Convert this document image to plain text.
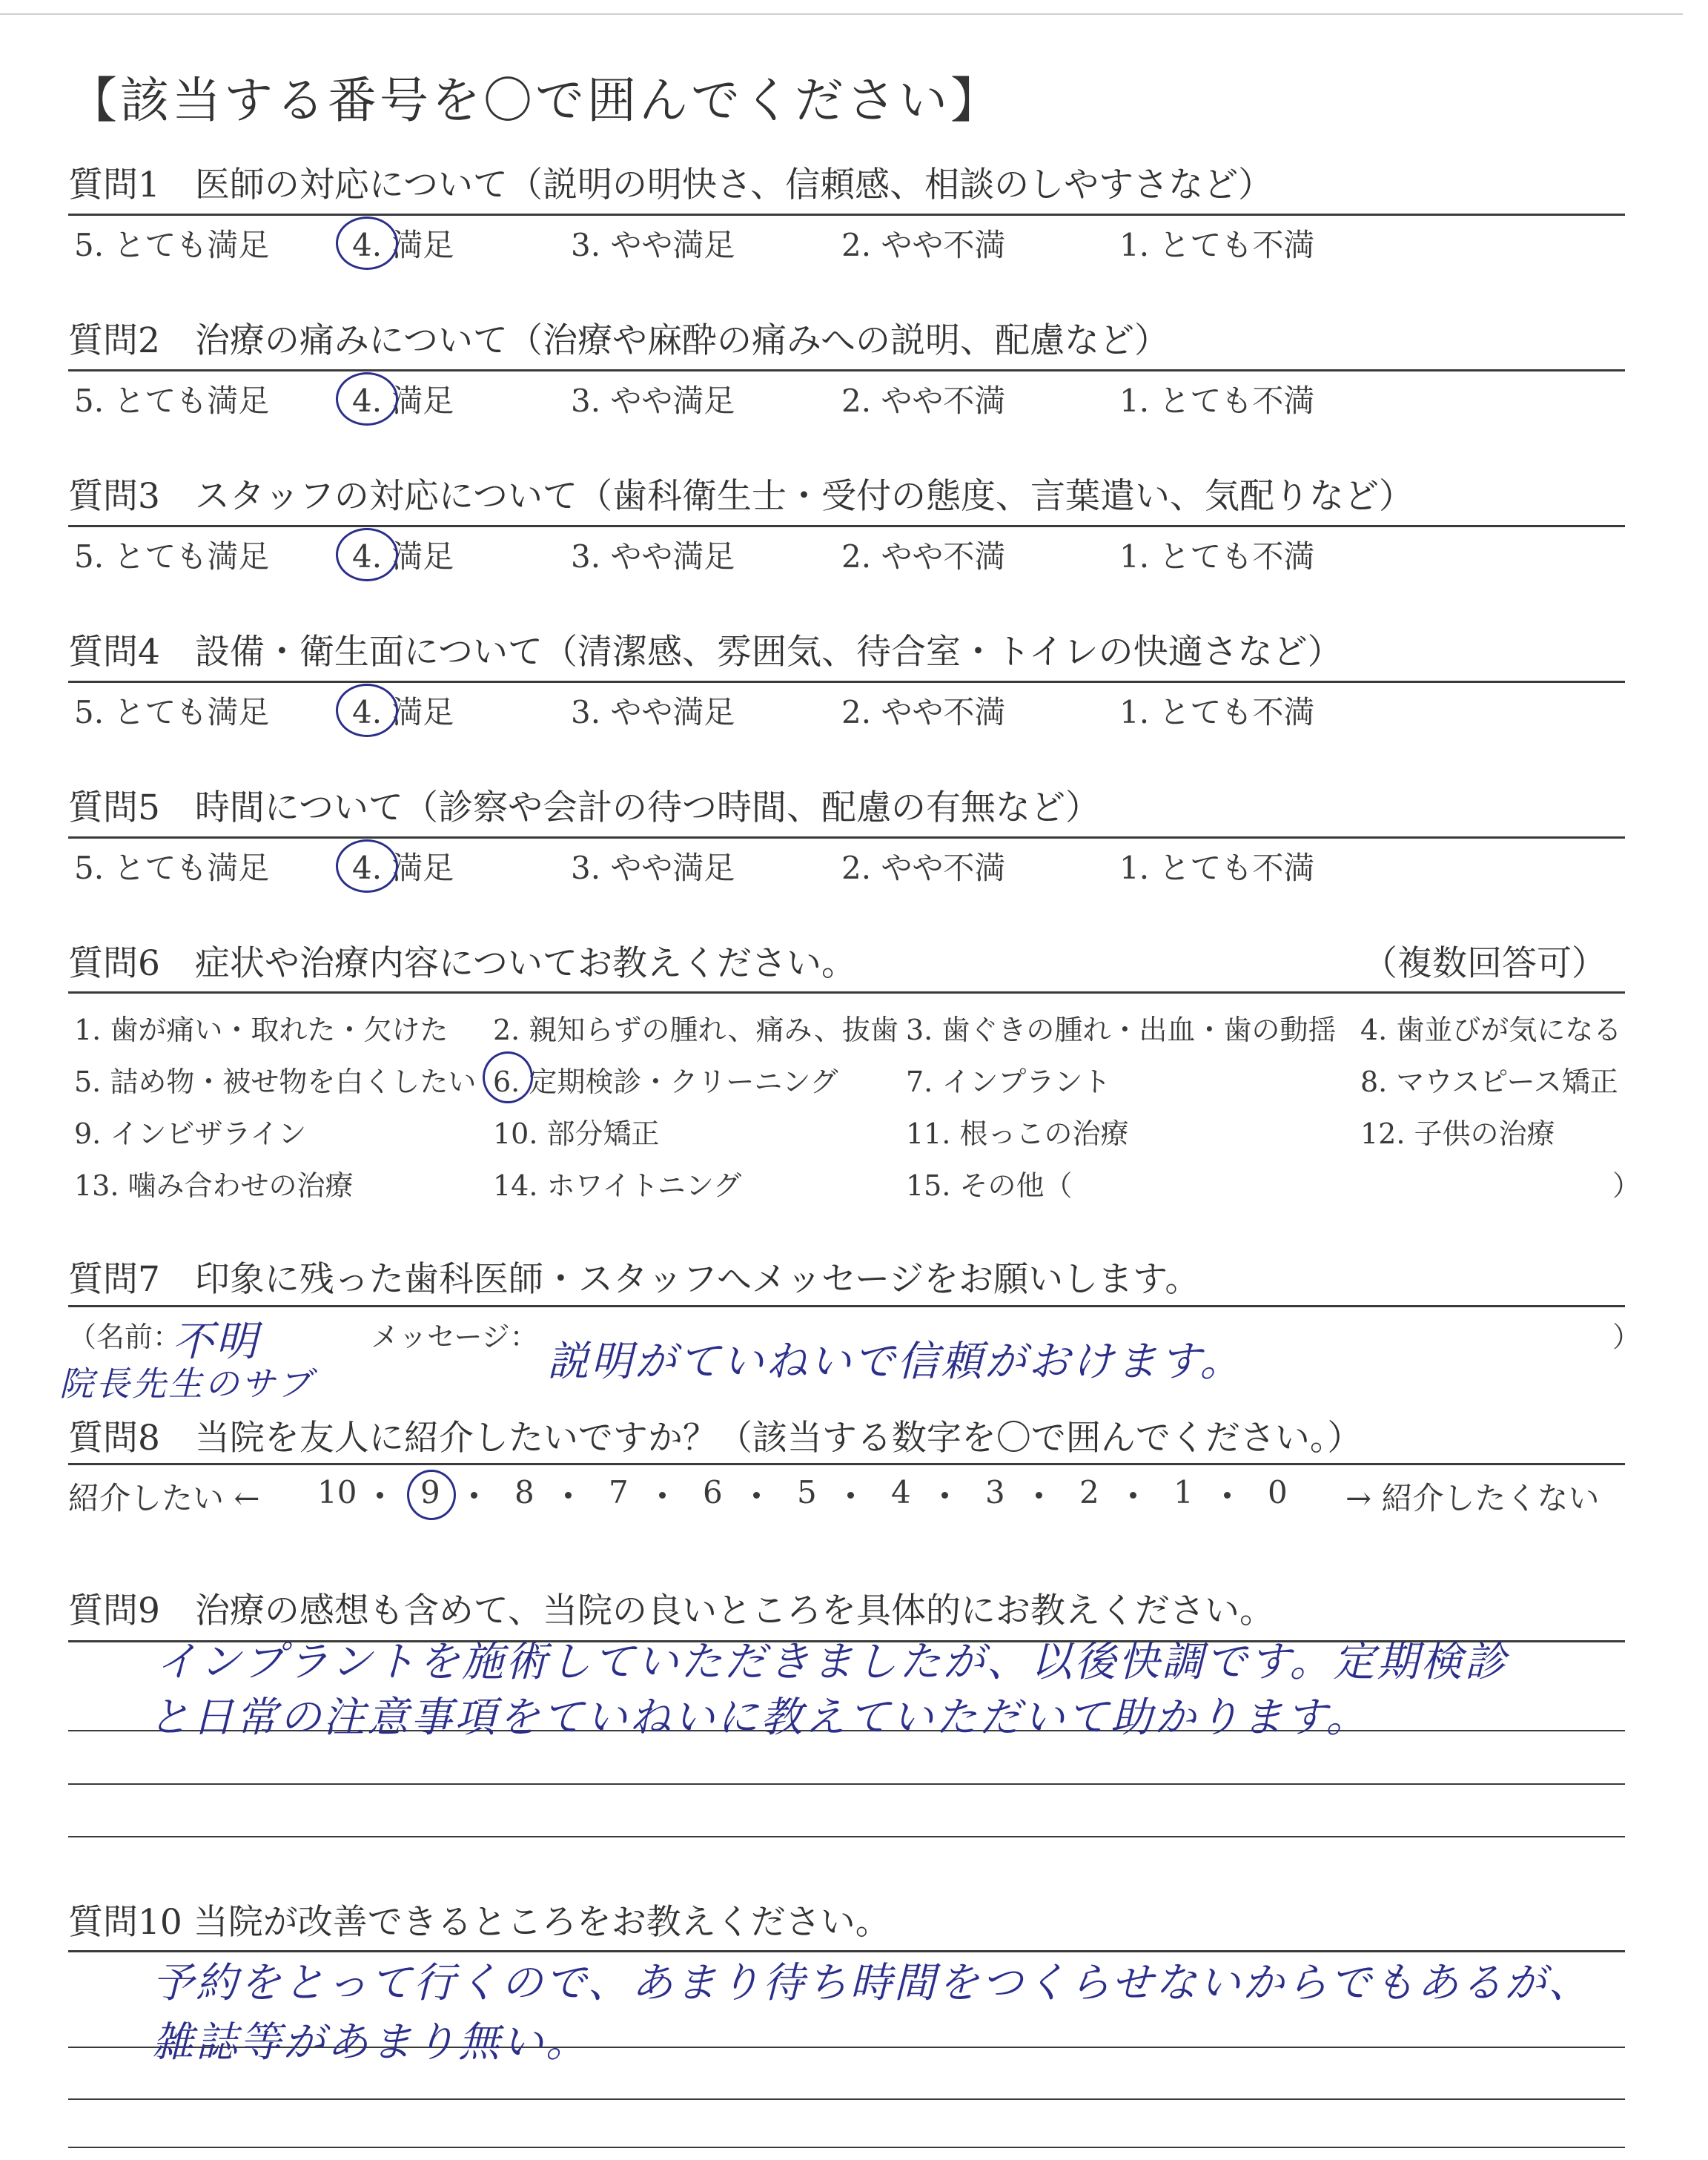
【該当する番号を〇で囲んでください】
質問1　医師の対応について（説明の明快さ、信頼感、相談のしやすさなど）
5. とても満足	4. 満足	3. やや満足	2. やや不満	1. とても不満
質問2　治療の痛みについて（治療や麻酔の痛みへの説明、配慮など）
5. とても満足	4. 満足	3. やや満足	2. やや不満	1. とても不満
質問3　スタッフの対応について（歯科衛生士・受付の態度、言葉遣い、気配りなど）
5. とても満足	4. 満足	3. やや満足	2. やや不満	1. とても不満
質問4　設備・衛生面について（清潔感、雰囲気、待合室・トイレの快適さなど）
5. とても満足	4. 満足	3. やや満足	2. やや不満	1. とても不満
質問5　時間について（診察や会計の待つ時間、配慮の有無など）
5. とても満足	4. 満足	3. やや満足	2. やや不満	1. とても不満
質問6　症状や治療内容についてお教えください。	（複数回答可）
1. 歯が痛い・取れた・欠けた 2. 親知らずの腫れ、痛み、抜歯 3. 歯ぐきの腫れ・出血・歯の動揺 4. 歯並びが気になる
5. 詰め物・被せ物を白くしたい 6. 定期検診・クリーニング 7. インプラント	8. マウスピース矯正
9. インビザライン	10. 部分矯正	11. 根っこの治療	12. 子供の治療
13. 噛み合わせの治療	14. ホワイトニング	15. その他（	）
質問7　印象に残った歯科医師・スタッフへメッセージをお願いします。
（名前：
不明
院長先生のサブ
メッセージ：
説明がていねいで信頼がおけます。
）
質問8　当院を友人に紹介したいですか？（該当する数字を〇で囲んでください。）
紹介したい ←	→ 紹介したくない
10 9 8 7 6 5 4 3 2 1 0
質問9　治療の感想も含めて、当院の良いところを具体的にお教えください。
インプラントを施術していただきましたが、以後快調です。定期検診
と日常の注意事項をていねいに教えていただいて助かります。
質問10 当院が改善できるところをお教えください。
予約をとって行くので、あまり待ち時間をつくらせないからでもあるが、
雑誌等があまり無い。
